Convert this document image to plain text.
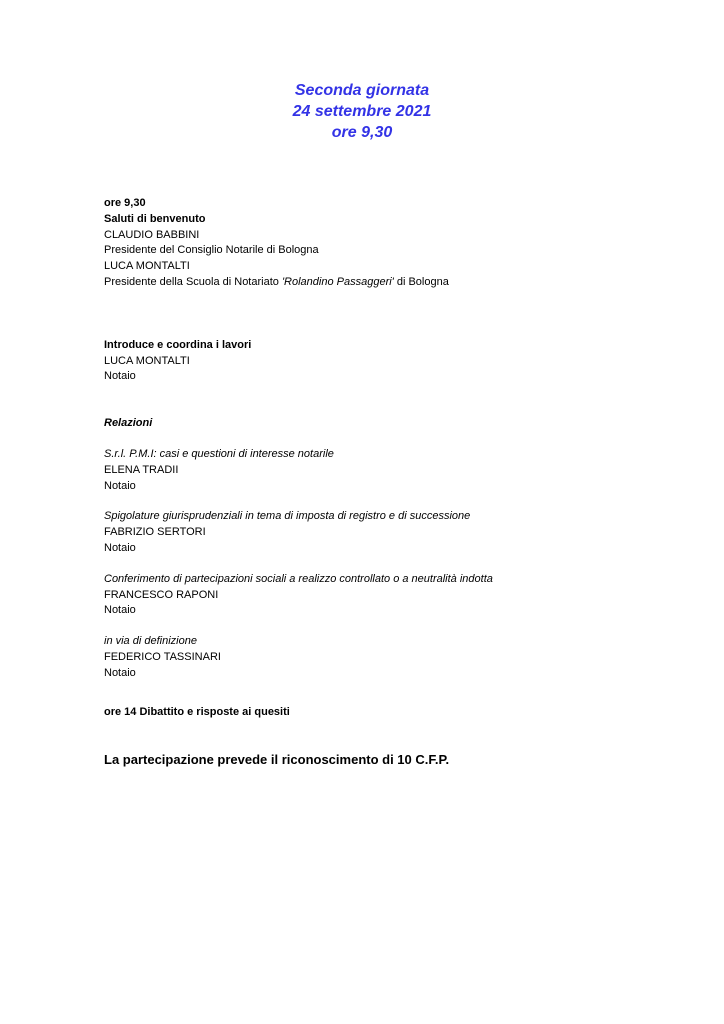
Seconda giornata
24 settembre 2021
ore 9,30
ore 9,30
Saluti di benvenuto
CLAUDIO BABBINI
Presidente del Consiglio Notarile di Bologna
LUCA MONTALTI
Presidente della Scuola di Notariato 'Rolandino Passaggeri' di Bologna
Introduce e coordina i lavori
LUCA MONTALTI
Notaio
Relazioni
S.r.l. P.M.I: casi e questioni di interesse notarile
ELENA TRADII
Notaio
Spigolature giurisprudenziali in tema di imposta di registro e di successione
FABRIZIO SERTORI
Notaio
Conferimento di partecipazioni sociali a realizzo controllato o a neutralità indotta
FRANCESCO RAPONI
Notaio
in via di definizione
FEDERICO TASSINARI
Notaio
ore 14 Dibattito e risposte ai quesiti
La partecipazione prevede il riconoscimento di 10 C.F.P.
